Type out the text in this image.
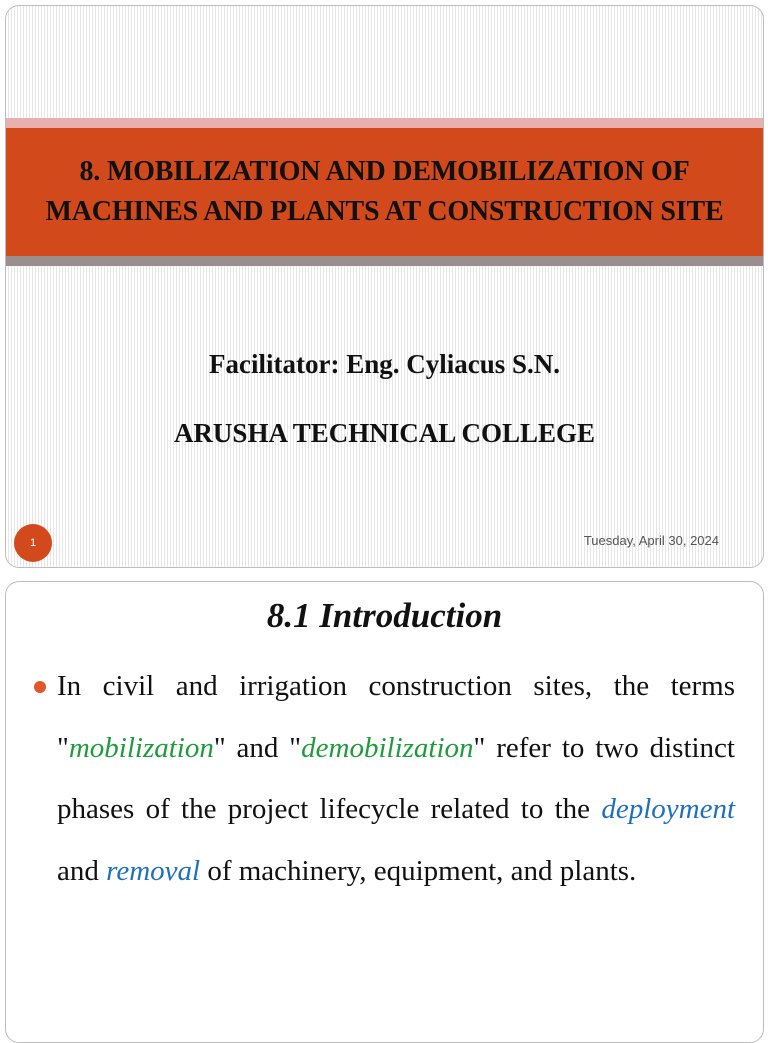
8. MOBILIZATION AND DEMOBILIZATION OF
MACHINES AND PLANTS AT CONSTRUCTION SITE
Facilitator: Eng. Cyliacus S.N.
ARUSHA TECHNICAL COLLEGE
1	Tuesday, April 30, 2024
8.1 Introduction
In civil and irrigation construction sites, the terms "mobilization" and "demobilization" refer to two distinct phases of the project lifecycle related to the deployment and removal of machinery, equipment, and plants.
